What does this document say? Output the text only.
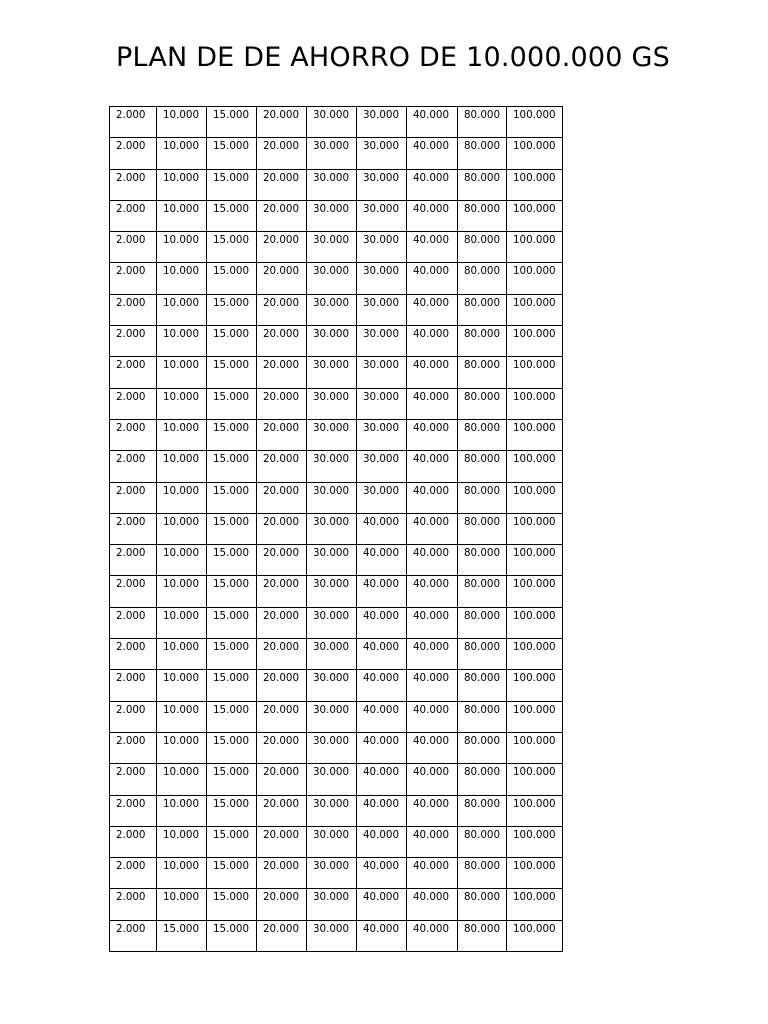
PLAN DE DE AHORRO DE 10.000.000 GS
2.000	10.000	15.000	20.000	30.000	30.000	40.000	80.000	100.000
2.000	10.000	15.000	20.000	30.000	30.000	40.000	80.000	100.000
2.000	10.000	15.000	20.000	30.000	30.000	40.000	80.000	100.000
2.000	10.000	15.000	20.000	30.000	30.000	40.000	80.000	100.000
2.000	10.000	15.000	20.000	30.000	30.000	40.000	80.000	100.000
2.000	10.000	15.000	20.000	30.000	30.000	40.000	80.000	100.000
2.000	10.000	15.000	20.000	30.000	30.000	40.000	80.000	100.000
2.000	10.000	15.000	20.000	30.000	30.000	40.000	80.000	100.000
2.000	10.000	15.000	20.000	30.000	30.000	40.000	80.000	100.000
2.000	10.000	15.000	20.000	30.000	30.000	40.000	80.000	100.000
2.000	10.000	15.000	20.000	30.000	30.000	40.000	80.000	100.000
2.000	10.000	15.000	20.000	30.000	30.000	40.000	80.000	100.000
2.000	10.000	15.000	20.000	30.000	30.000	40.000	80.000	100.000
2.000	10.000	15.000	20.000	30.000	40.000	40.000	80.000	100.000
2.000	10.000	15.000	20.000	30.000	40.000	40.000	80.000	100.000
2.000	10.000	15.000	20.000	30.000	40.000	40.000	80.000	100.000
2.000	10.000	15.000	20.000	30.000	40.000	40.000	80.000	100.000
2.000	10.000	15.000	20.000	30.000	40.000	40.000	80.000	100.000
2.000	10.000	15.000	20.000	30.000	40.000	40.000	80.000	100.000
2.000	10.000	15.000	20.000	30.000	40.000	40.000	80.000	100.000
2.000	10.000	15.000	20.000	30.000	40.000	40.000	80.000	100.000
2.000	10.000	15.000	20.000	30.000	40.000	40.000	80.000	100.000
2.000	10.000	15.000	20.000	30.000	40.000	40.000	80.000	100.000
2.000	10.000	15.000	20.000	30.000	40.000	40.000	80.000	100.000
2.000	10.000	15.000	20.000	30.000	40.000	40.000	80.000	100.000
2.000	10.000	15.000	20.000	30.000	40.000	40.000	80.000	100.000
2.000	15.000	15.000	20.000	30.000	40.000	40.000	80.000	100.000
